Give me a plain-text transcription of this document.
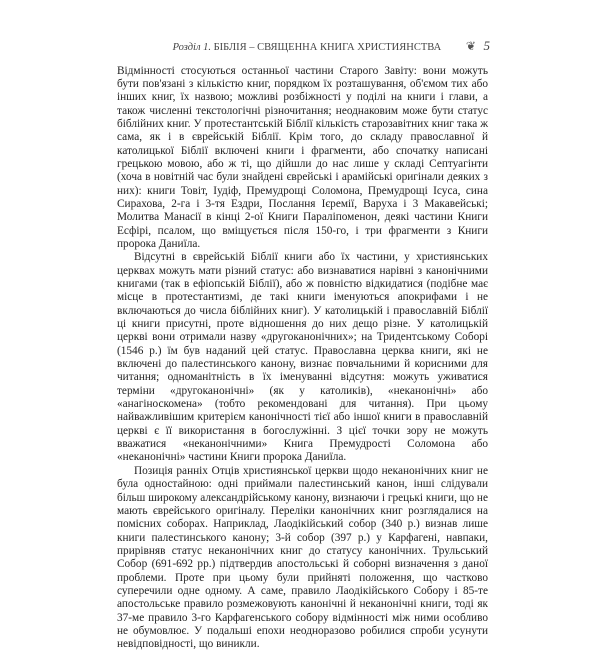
Розділ 1. БІБЛІЯ – СВЯЩЕННА КНИГА ХРИСТИЯНСТВА ❦ 5

Відмінності стосуються останньої частини Старого Завіту: вони можуть бути пов'язані з кількістю книг, порядком їх розташування, об'ємом тих або інших книг, їх назвою; можливі розбіжності у поділі на книги і глави, а також численні текстологічні різночитання; неоднаковим може бути статус біблійних книг. У протестантській Біблії кількість старозавітних книг така ж сама, як і в єврейській Біблії. Крім того, до складу православної й католицької Біблії включені книги і фрагменти, або спочатку написані грецькою мовою, або ж ті, що дійшли до нас лише у складі Септуагінти (хоча в новітній час були знайдені єврейські і арамійські оригінали деяких з них): книги Товіт, Іудіф, Премудрощі Соломона, Премудрощі Ісуса, сина Сирахова, 2-га і 3-тя Ездри, Послання Ієремії, Варуха і 3 Макавейські; Молитва Манасії в кінці 2-ої Книги Параліпоменон, деякі частини Книги Есфірі, псалом, що вміщується після 150-го, і три фрагменти з Книги пророка Даниїла.

Відсутні в єврейській Біблії книги або їх частини, у християнських церквах можуть мати різний статус: або визнаватися нарівні з канонічними книгами (так в ефіопській Біблії), або ж повністю відкидатися (подібне має місце в протестантизмі, де такі книги іменуються апокрифами і не включаються до числа біблійних книг). У католицькій і православній Біблії ці книги присутні, проте відношення до них дещо різне. У католицькій церкві вони отримали назву «другоканонічних»; на Тридентському Соборі (1546 р.) їм був наданий цей статус. Православна церква книги, які не включені до палестинського канону, визнає повчальними й корисними для читання; одноманітність в їх іменуванні відсутня: можуть уживатися терміни «другоканонічні» (як у католиків), «неканонічні» або «анагіноскомена» (тобто рекомендовані для читання). При цьому найважливішим критерієм канонічності тієї або іншої книги в православній церкві є її використання в богослужінні. З цієї точки зору не можуть вважатися «неканонічними» Книга Премудрості Соломона або «неканонічні» частини Книги пророка Даниїла.

Позиція ранніх Отців християнської церкви щодо неканонічних книг не була одностайною: одні приймали палестинський канон, інші слідували більш широкому александрійському канону, визнаючи і грецькі книги, що не мають єврейського оригіналу. Переліки канонічних книг розглядалися на помісних соборах. Наприклад, Лаодікійський собор (340 р.) визнав лише книги палестинського канону; 3-й собор (397 р.) у Карфагені, навпаки, прирівняв статус неканонічних книг до статусу канонічних. Трульський Собор (691-692 рр.) підтвердив апостольські й соборні визначення з даної проблеми. Проте при цьому були прийняті положення, що частково суперечили одне одному. А саме, правило Лаодікійського Собору і 85-те апостольське правило розмежовують канонічні й неканонічні книги, тоді як 37-ме правило 3-го Карфагенського собору відмінності між ними особливо не обумовлює. У подальші епохи неодноразово робилися спроби усунути невідповідності, що виникли.
